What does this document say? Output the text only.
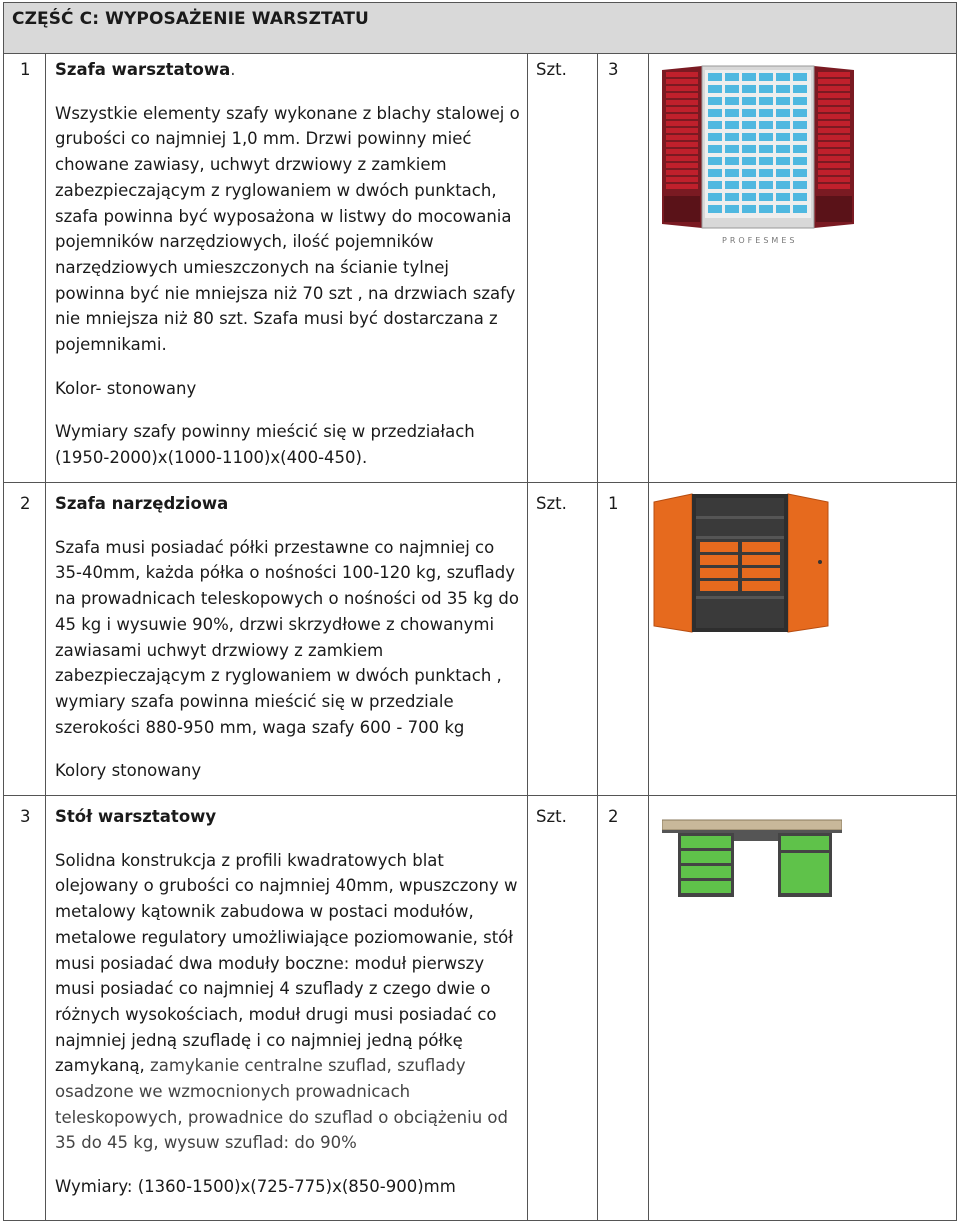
CZĘŚĆ C: WYPOSAŻENIE WARSZTATU
1 Szafa warsztatowa.
Wszystkie elementy szafy wykonane z blachy stalowej o grubości co najmniej 1,0 mm. Drzwi powinny mieć chowane zawiasy, uchwyt drzwiowy z zamkiem zabezpieczającym z ryglowaniem w dwóch punktach, szafa powinna być wyposażona w listwy do mocowania pojemników narzędziowych, ilość pojemników narzędziowych umieszczonych na ścianie tylnej powinna być nie mniejsza niż 70 szt , na drzwiach szafy nie mniejsza niż 80 szt. Szafa musi być dostarczana z pojemnikami.
Kolor- stonowany
Wymiary szafy powinny mieścić się w przedziałach (1950-2000)x(1000-1100)x(400-450).
Szt. 3
PROFESMES
2 Szafa narzędziowa
Szafa musi posiadać półki przestawne co najmniej co 35-40mm, każda półka o nośności 100-120 kg, szuflady na prowadnicach teleskopowych o nośności od 35 kg do 45 kg i wysuwie 90%, drzwi skrzydłowe z chowanymi zawiasami uchwyt drzwiowy z zamkiem zabezpieczającym z ryglowaniem w dwóch punktach , wymiary szafa powinna mieścić się w przedziale szerokości 880-950 mm, waga szafy 600 - 700 kg
Kolory stonowany
Szt. 1
3 Stół warsztatowy
Solidna konstrukcja z profili kwadratowych blat olejowany o grubości co najmniej 40mm, wpuszczony w metalowy kątownik zabudowa w postaci modułów, metalowe regulatory umożliwiające poziomowanie, stół musi posiadać dwa moduły boczne: moduł pierwszy musi posiadać co najmniej 4 szuflady z czego dwie o różnych wysokościach, moduł drugi musi posiadać co najmniej jedną szufladę i co najmniej jedną półkę zamykaną, zamykanie centralne szuflad, szuflady osadzone we wzmocnionych prowadnicach teleskopowych, prowadnice do szuflad o obciążeniu od 35 do 45 kg, wysuw szuflad: do 90%
Wymiary: (1360-1500)x(725-775)x(850-900)mm
Szt. 2
